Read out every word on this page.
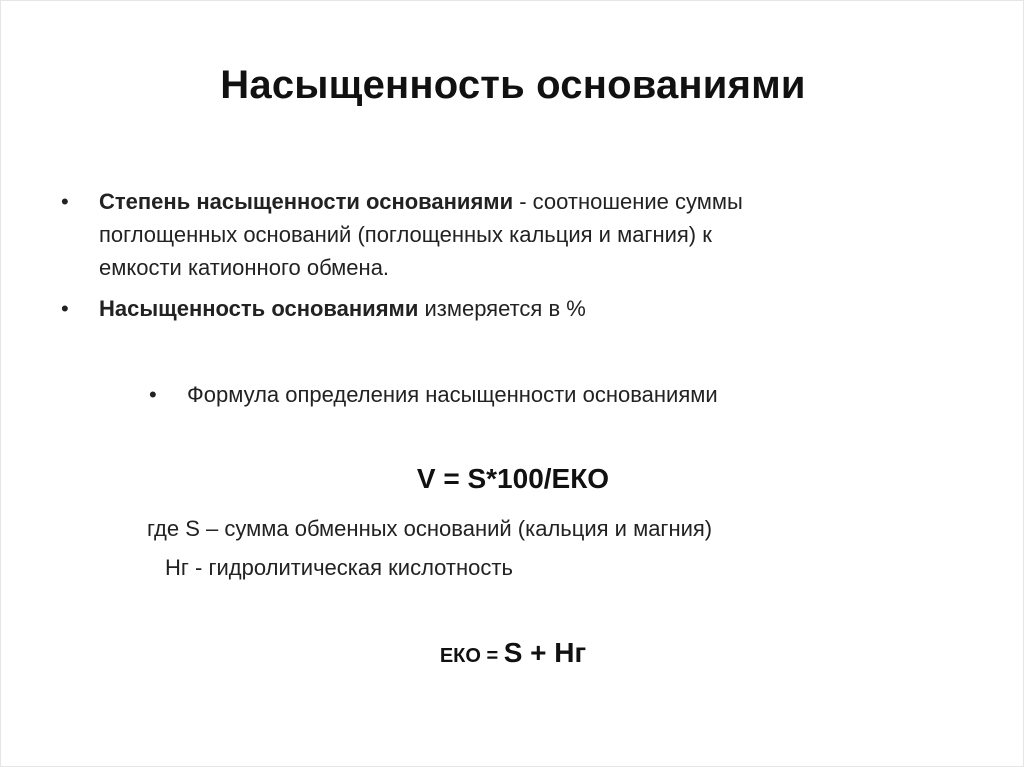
Насыщенность основаниями
• Степень насыщенности основаниями - соотношение суммы
поглощенных оснований (поглощенных кальция и магния) к
емкости катионного обмена.
• Насыщенность основаниями измеряется в %
• Формула определения насыщенности основаниями
V = S*100/ЕКО
где S – сумма обменных оснований (кальция и магния)
Нг - гидролитическая кислотность
ЕКО = S + Нг
